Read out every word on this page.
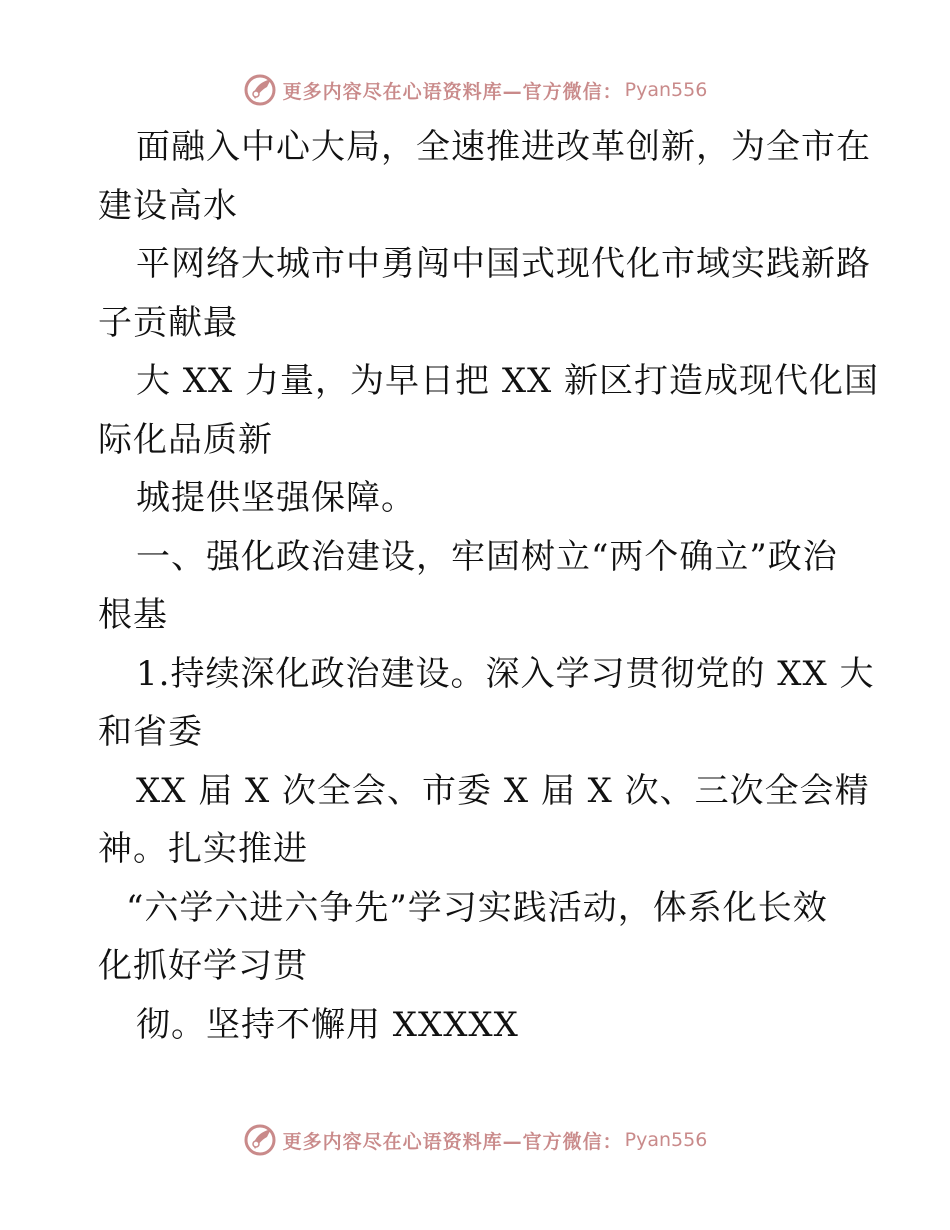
更多内容尽在心语资料库—官方微信： Pyan556
面融入中心大局，全速推进改革创新，为全市在
建设高水
平网络大城市中勇闯中国式现代化市域实践新路
子贡献最
大 XX 力量，为早日把 XX 新区打造成现代化国
际化品质新
城提供坚强保障。
一、强化政治建设，牢固树立“两个确立”政治
根基
1.持续深化政治建设。深入学习贯彻党的 XX 大
和省委
XX 届 X 次全会、市委 X 届 X 次、三次全会精
神。扎实推进
“六学六进六争先”学习实践活动，体系化长效
化抓好学习贯
彻。坚持不懈用 XXXXX
更多内容尽在心语资料库—官方微信： Pyan556
